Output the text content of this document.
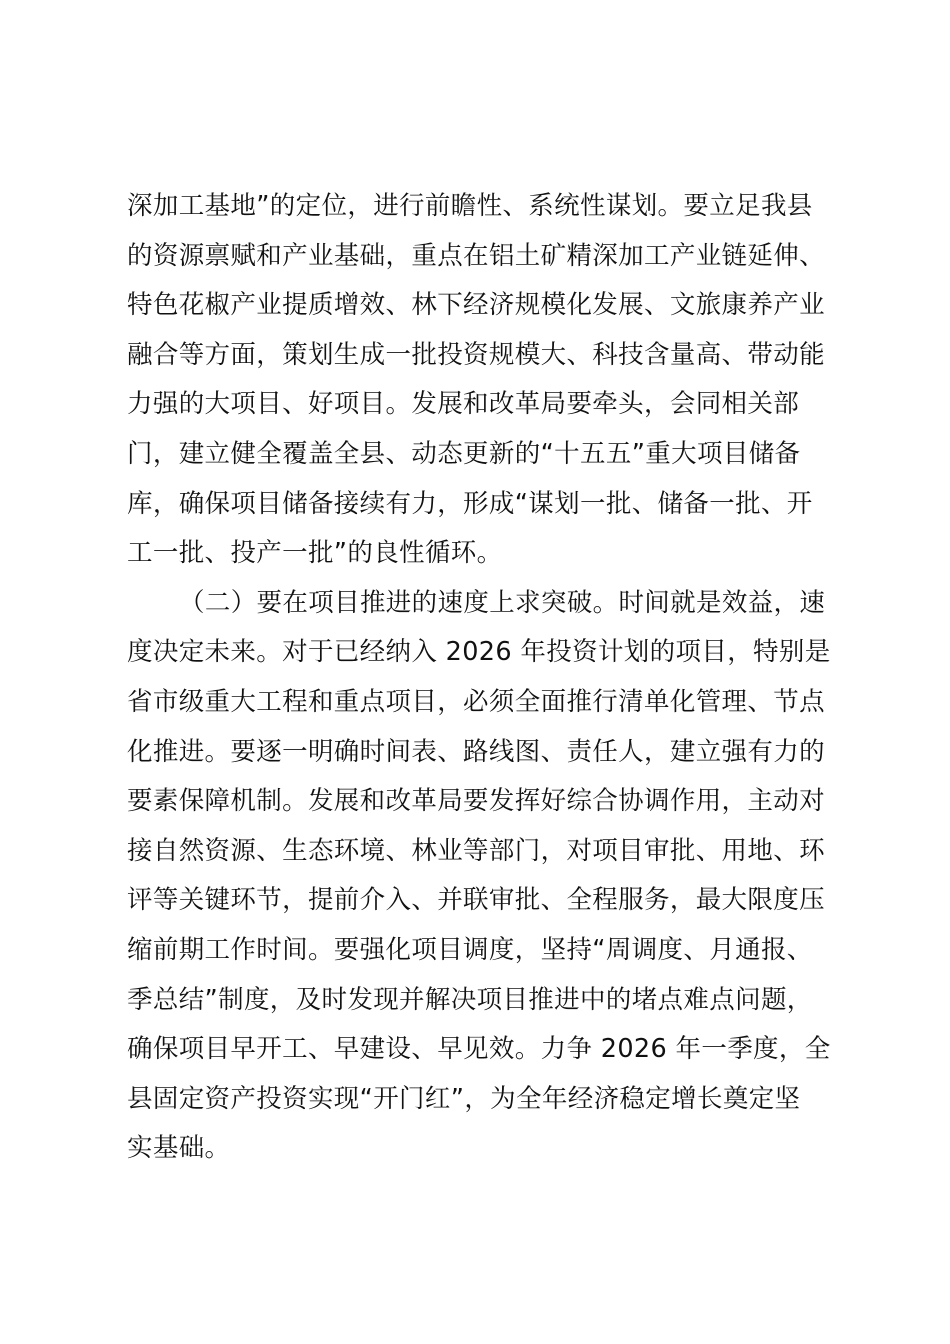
深加工基地”的定位，进行前瞻性、系统性谋划。要立足我县
的资源禀赋和产业基础，重点在铝土矿精深加工产业链延伸、
特色花椒产业提质增效、林下经济规模化发展、文旅康养产业
融合等方面，策划生成一批投资规模大、科技含量高、带动能
力强的大项目、好项目。发展和改革局要牵头，会同相关部
门，建立健全覆盖全县、动态更新的“十五五”重大项目储备
库，确保项目储备接续有力，形成“谋划一批、储备一批、开
工一批、投产一批”的良性循环。
（二）要在项目推进的速度上求突破。时间就是效益，速
度决定未来。对于已经纳入 2026 年投资计划的项目，特别是
省市级重大工程和重点项目，必须全面推行清单化管理、节点
化推进。要逐一明确时间表、路线图、责任人，建立强有力的
要素保障机制。发展和改革局要发挥好综合协调作用，主动对
接自然资源、生态环境、林业等部门，对项目审批、用地、环
评等关键环节，提前介入、并联审批、全程服务，最大限度压
缩前期工作时间。要强化项目调度，坚持“周调度、月通报、
季总结”制度，及时发现并解决项目推进中的堵点难点问题，
确保项目早开工、早建设、早见效。力争 2026 年一季度，全
县固定资产投资实现“开门红”，为全年经济稳定增长奠定坚
实基础。
